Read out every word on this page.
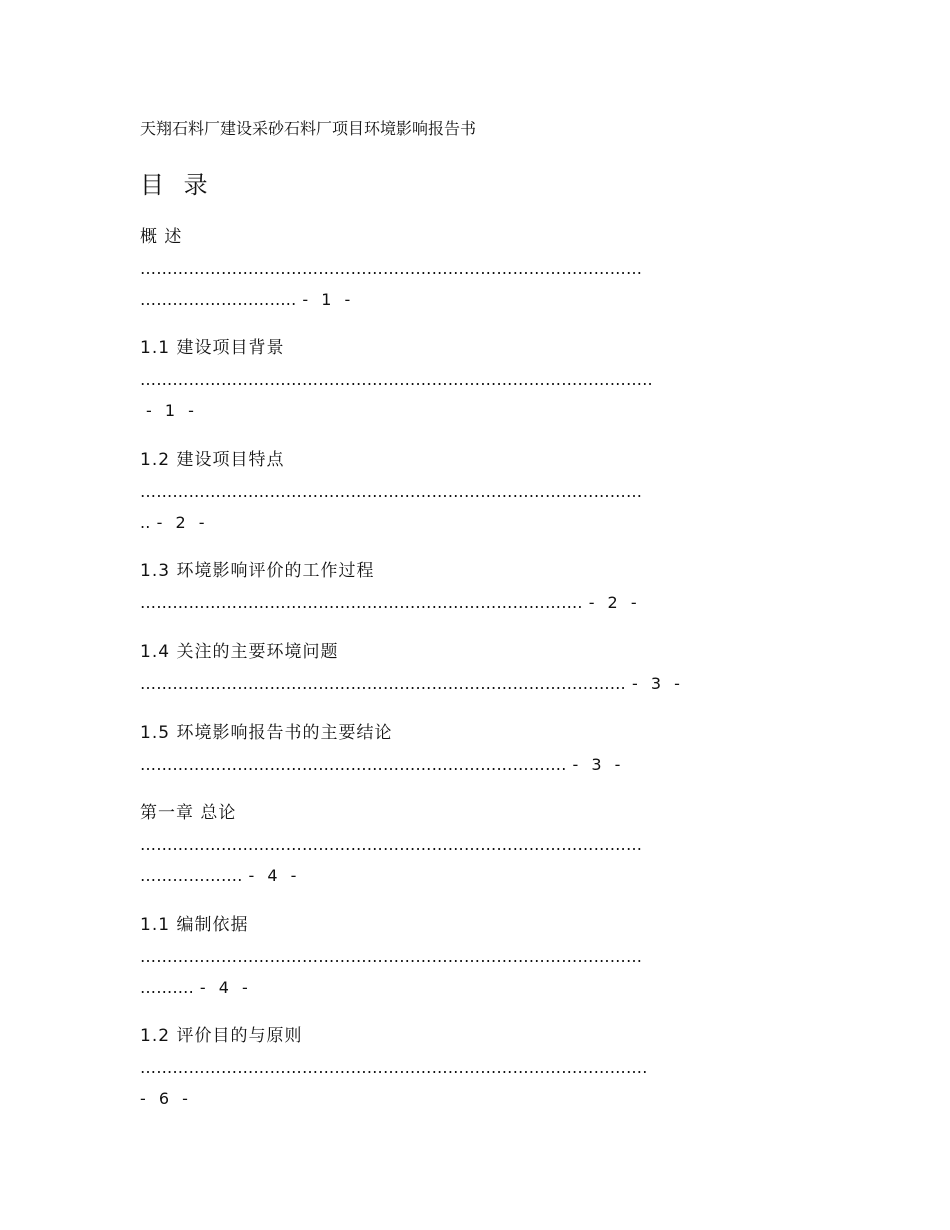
天翔石料厂建设采砂石料厂项目环境影响报告书
目 录
概 述
…………………………………………………………………………………
……………………….. - 1 -
1.1 建设项目背景
…………………………………………………………………………………..
- 1 -
1.2 建设项目特点
…………………………………………………………………………………
.. - 2 -
1.3 环境影响评价的工作过程
………………………………………………………………………. - 2 -
1.4 关注的主要环境问题
……………………………………………………………………………… - 3 -
1.5 环境影响报告书的主要结论
……………………………………………………………………. - 3 -
第一章 总论
…………………………………………………………………………………
………………. - 4 -
1.1 编制依据
…………………………………………………………………………………
………. - 4 -
1.2 评价目的与原则
………………………………………………………………………………….
- 6 -
